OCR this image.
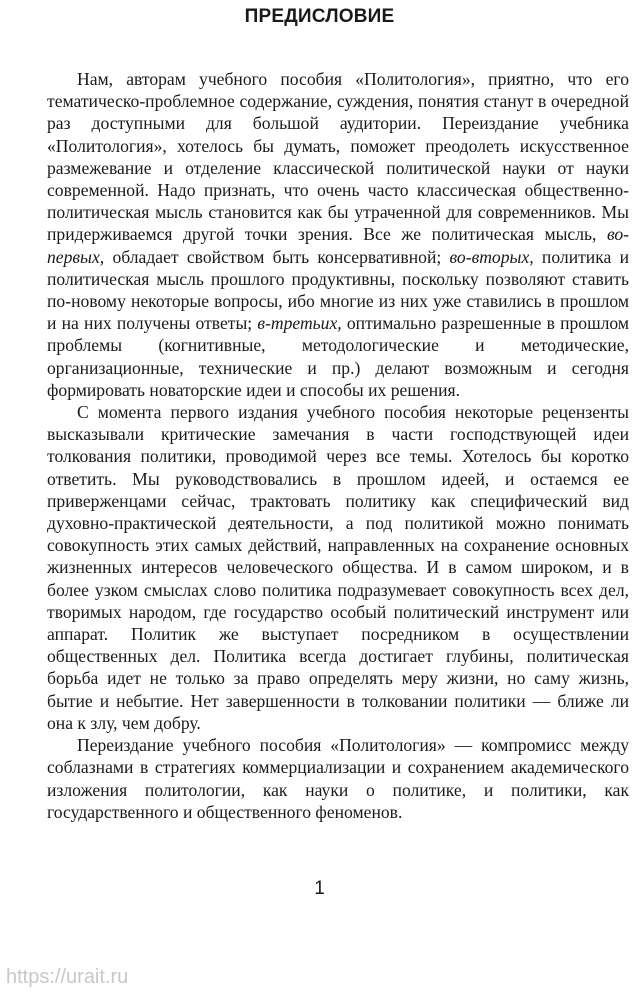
ПРЕДИСЛОВИЕ

Нам, авторам учебного пособия «Политология», приятно, что его тематическо-проблемное содержание, суждения, понятия станут в очередной раз доступными для большой аудитории. Переиздание учебника «Политология», хотелось бы думать, поможет преодолеть искусственное размежевание и отделение классической политической науки от науки современной. Надо признать, что очень часто классическая общественно-политическая мысль становится как бы утраченной для современников. Мы придерживаемся другой точки зрения. Все же политическая мысль, во-первых, обладает свойством быть консервативной; во-вторых, политика и политическая мысль прошлого продуктивны, поскольку позволяют ставить по-новому некоторые вопросы, ибо многие из них уже ставились в прошлом и на них получены ответы; в-третьих, оптимально разрешенные в прошлом проблемы (когнитивные, методологические и методические, организационные, технические и пр.) делают возможным и сегодня формировать новаторские идеи и способы их решения.

С момента первого издания учебного пособия некоторые рецензенты высказывали критические замечания в части господствующей идеи толкования политики, проводимой через все темы. Хотелось бы коротко ответить. Мы руководствовались в прошлом идеей, и остаемся ее приверженцами сейчас, трактовать политику как специфический вид духовно-практической деятельности, а под политикой можно понимать совокупность этих самых действий, направленных на сохранение основных жизненных интересов человеческого общества. И в самом широком, и в более узком смыслах слово политика подразумевает совокупность всех дел, творимых народом, где государство особый политический инструмент или аппарат. Политик же выступает посредником в осуществлении общественных дел. Политика всегда достигает глубины, политическая борьба идет не только за право определять меру жизни, но саму жизнь, бытие и небытие. Нет завершенности в толковании политики — ближе ли она к злу, чем добру.

Переиздание учебного пособия «Политология» — компромисс между соблазнами в стратегиях коммерциализации и сохранением академического изложения политологии, как науки о политике, и политики, как государственного и общественного феноменов.

1
https://urait.ru
